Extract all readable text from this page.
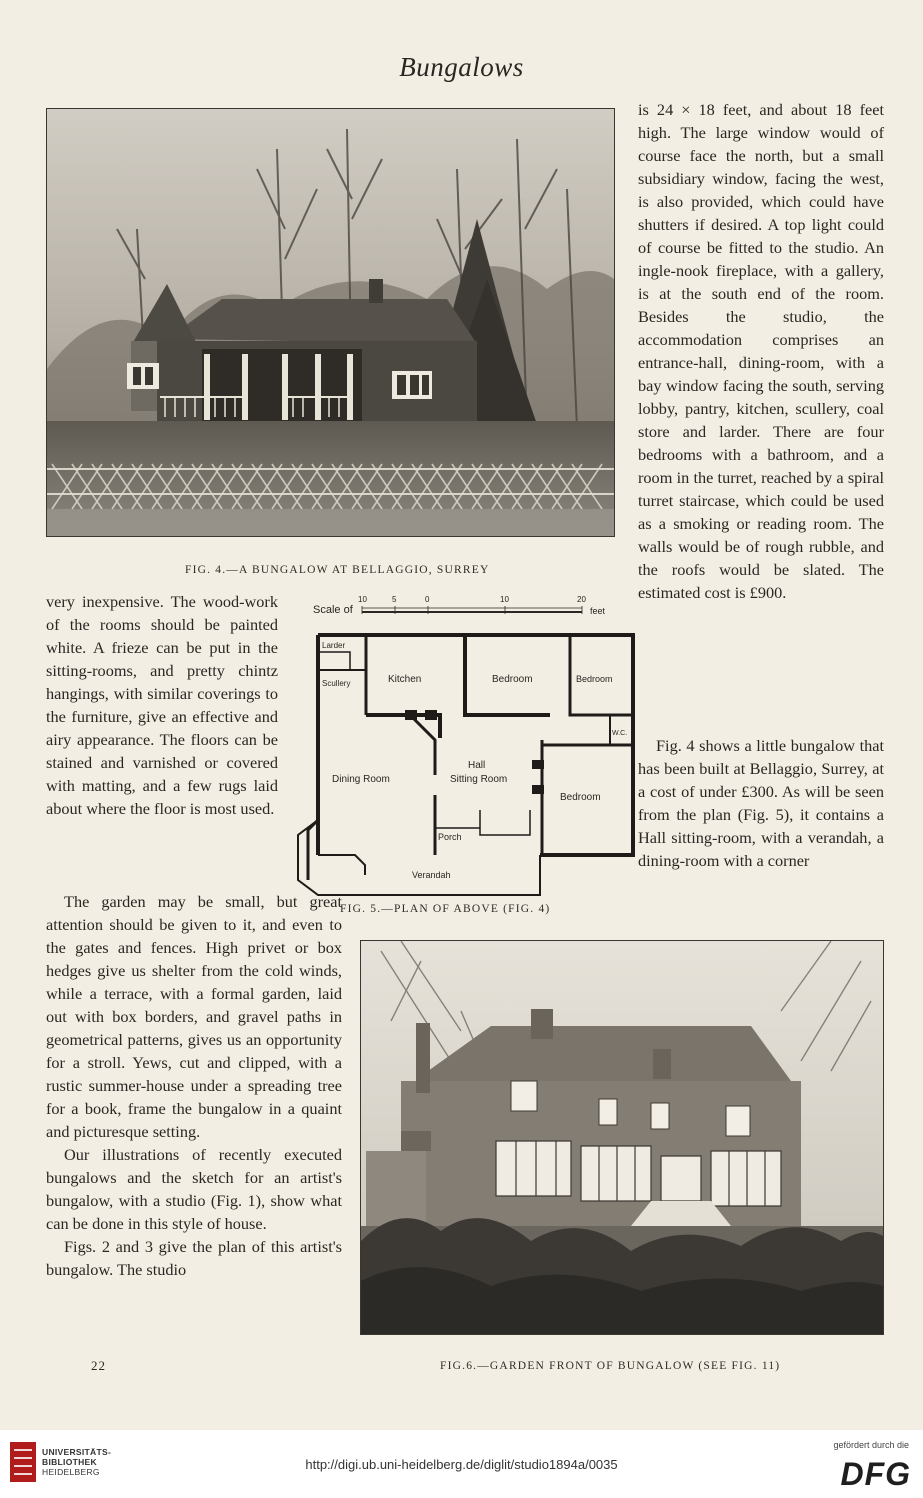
Bungalows
FIG. 4.—A BUNGALOW AT BELLAGGIO, SURREY

very inexpensive. The wood-work of the rooms should be painted white. A frieze can be put in the sitting-rooms, and pretty chintz hangings, with similar coverings to the furniture, give an effective and airy appearance. The floors can be stained and varnished or covered with matting, and a few rugs laid about where the floor is most used.

Scale of
10	5	0	10	20
feet
Larder
Scullery	Kitchen	Bedroom	Bedroom
W.C.
Hall
Sitting Room
Dining Room
Bedroom
Porch
Verandah
FIG. 5.—PLAN OF ABOVE (FIG. 4)

The garden may be small, but great attention should be given to it, and even to the gates and fences. High privet or box hedges give us shelter from the cold winds, while a terrace, with a formal garden, laid out with box borders, and gravel paths in geometrical patterns, gives us an opportunity for a stroll. Yews, cut and clipped, with a rustic summer-house under a spreading tree for a book, frame the bungalow in a quaint and picturesque setting.

Our illustrations of recently executed bungalows and the sketch for an artist's bungalow, with a studio (Fig. 1), show what can be done in this style of house.

Figs. 2 and 3 give the plan of this artist's bungalow. The studio

is 24 × 18 feet, and about 18 feet high. The large window would of course face the north, but a small subsidiary window, facing the west, is also provided, which could have shutters if desired. A top light could of course be fitted to the studio. An ingle-nook fireplace, with a gallery, is at the south end of the room. Besides the studio, the accommodation comprises an entrance-hall, dining-room, with a bay window facing the south, serving lobby, pantry, kitchen, scullery, coal store and larder. There are four bedrooms with a bathroom, and a room in the turret, reached by a spiral turret staircase, which could be used as a smoking or reading room. The walls would be of rough rubble, and the roofs would be slated. The estimated cost is £900.

Fig. 4 shows a little bungalow that has been built at Bellaggio, Surrey, at a cost of under £300. As will be seen from the plan (Fig. 5), it contains a Hall sitting-room, with a verandah, a dining-room with a corner

22	FIG.6.—GARDEN FRONT OF BUNGALOW (SEE FIG. 11)
UNIVERSITÄTS-
BIBLIOTHEK
HEIDELBERG	http://digi.ub.uni-heidelberg.de/diglit/studio1894a/0035
gefördert durch die
DFG
